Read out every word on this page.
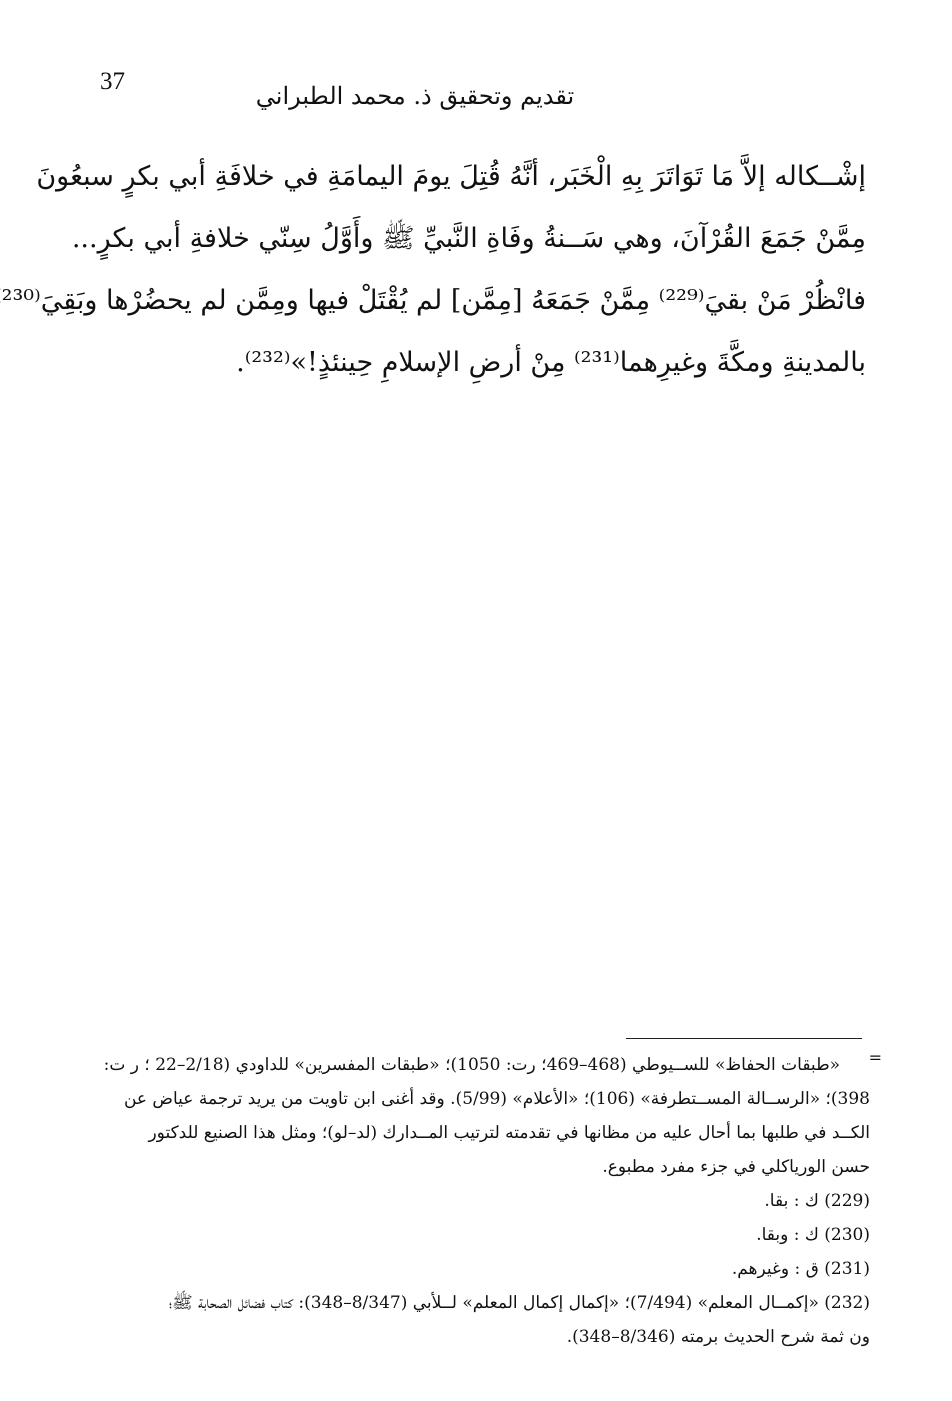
37
تقديم وتحقيق ذ. محمد الطبراني
إشْــكاله إلاَّ مَا تَوَاتَرَ بِهِ الْخَبَر، أنَّهُ قُتِلَ يومَ اليمامَةِ في خلافَةِ أبي بكرٍ سبعُونَ
مِمَّنْ جَمَعَ القُرْآنَ، وهي سَــنةُ وفَاةِ النَّبيِّ ﷺ وأَوَّلُ سِنّي خلافةِ أبي بكرٍ...
فانْظُرْ مَنْ بقيَ⁽²²⁹⁾ مِمَّنْ جَمَعَهُ [مِمَّن] لم يُقْتَلْ فيها ومِمَّن لم يحضُرْها وبَقِيَ⁽²³⁰
بالمدينةِ ومكَّةَ وغيرِهما⁽²³¹⁾ مِنْ أرضِ الإسلامِ حِينئذٍ!»⁽²³²⁾.
=
«طبقات الحفاظ» للســيوطي (468–469؛ رت: 1050)؛ «طبقات المفسرين» للداودي (2/18–22 ؛ ر ت:
398)؛ «الرســالة المســتطرفة» (106)؛ «الأعلام» (5/99). وقد أغنى ابن تاويت من يريد ترجمة عياض عن
الكــد في طلبها بما أحال عليه من مظانها في تقدمته لترتيب المــدارك (لد–لو)؛ ومثل هذا الصنيع للدكتور
حسن الورياكلي في جزء مفرد مطبوع.
(229) ك : بقا.
(230) ك : وبقا.
(231) ق : وغيرهم.
(232) «إكمــال المعلم» (7/494)؛ «إكمال إكمال المعلم» لــلأبي (8/347–348): كتاب فضائل الصحابة ﷺ؛
ون ثمة شرح الحديث برمته (8/346–348).
